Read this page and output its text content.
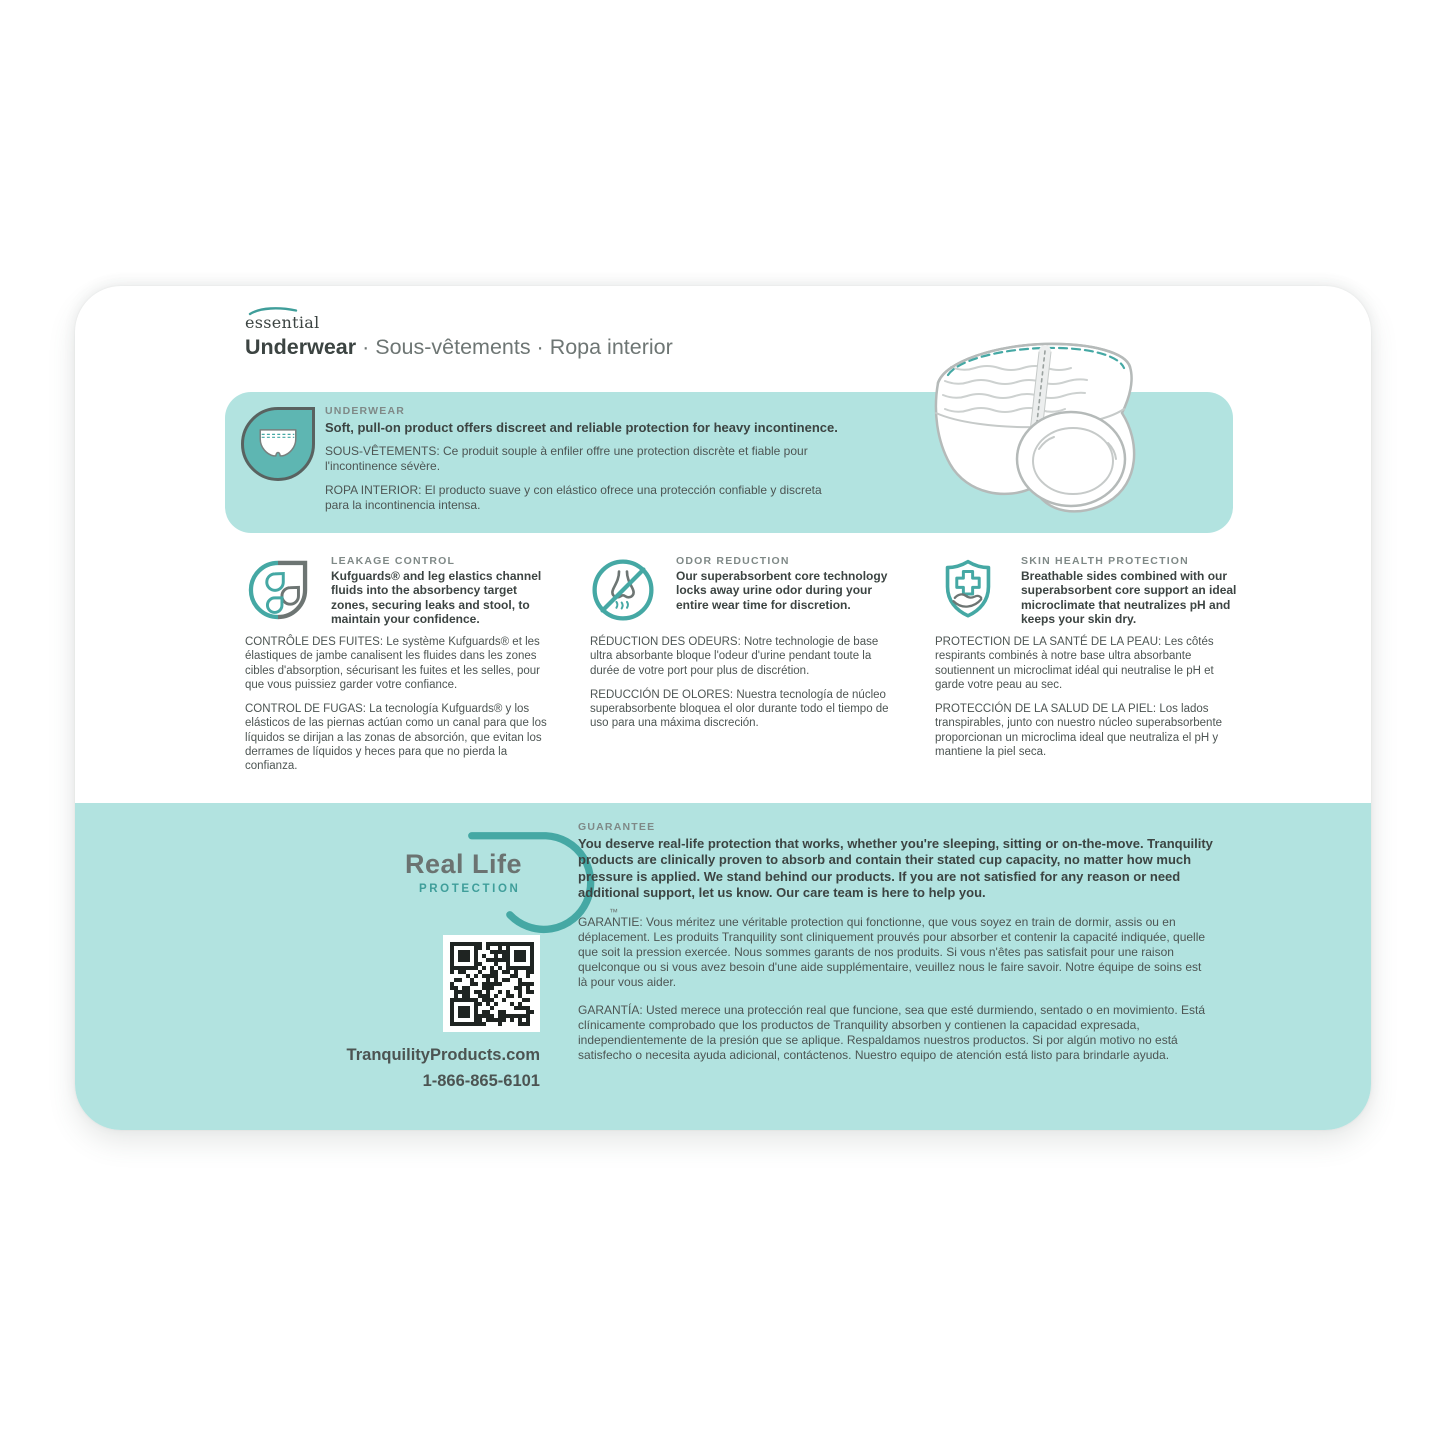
essential
Underwear · Sous-vêtements · Ropa interior
UNDERWEAR
Soft, pull-on product offers discreet and reliable protection for heavy incontinence.
SOUS-VÊTEMENTS: Ce produit souple à enfiler offre une protection discrète et fiable pour l'incontinence sévère.
ROPA INTERIOR: El producto suave y con elástico ofrece una protección confiable y discreta para la incontinencia intensa.
LEAKAGE CONTROL
Kufguards® and leg elastics channel fluids into the absorbency target zones, securing leaks and stool, to maintain your confidence.
CONTRÔLE DES FUITES: Le système Kufguards® et les élastiques de jambe canalisent les fluides dans les zones cibles d'absorption, sécurisant les fuites et les selles, pour que vous puissiez garder votre confiance.
CONTROL DE FUGAS: La tecnología Kufguards® y los elásticos de las piernas actúan como un canal para que los líquidos se dirijan a las zonas de absorción, que evitan los derrames de líquidos y heces para que no pierda la confianza.
ODOR REDUCTION
Our superabsorbent core technology locks away urine odor during your entire wear time for discretion.
RÉDUCTION DES ODEURS: Notre technologie de base ultra absorbante bloque l'odeur d'urine pendant toute la durée de votre port pour plus de discrétion.
REDUCCIÓN DE OLORES: Nuestra tecnología de núcleo superabsorbente bloquea el olor durante todo el tiempo de uso para una máxima discreción.
SKIN HEALTH PROTECTION
Breathable sides combined with our superabsorbent core support an ideal microclimate that neutralizes pH and keeps your skin dry.
PROTECTION DE LA SANTÉ DE LA PEAU: Les côtés respirants combinés à notre base ultra absorbante soutiennent un microclimat idéal qui neutralise le pH et garde votre peau au sec.
PROTECCIÓN DE LA SALUD DE LA PIEL: Los lados transpirables, junto con nuestro núcleo superabsorbente proporcionan un microclima ideal que neutraliza el pH y mantiene la piel seca.
Real Life
PROTECTION
™
TranquilityProducts.com
1-866-865-6101
GUARANTEE
You deserve real-life protection that works, whether you're sleeping, sitting or on-the-move. Tranquility products are clinically proven to absorb and contain their stated cup capacity, no matter how much pressure is applied. We stand behind our products. If you are not satisfied for any reason or need additional support, let us know. Our care team is here to help you.
GARANTIE: Vous méritez une véritable protection qui fonctionne, que vous soyez en train de dormir, assis ou en déplacement. Les produits Tranquility sont cliniquement prouvés pour absorber et contenir la capacité indiquée, quelle que soit la pression exercée. Nous sommes garants de nos produits. Si vous n'êtes pas satisfait pour une raison quelconque ou si vous avez besoin d'une aide supplémentaire, veuillez nous le faire savoir. Notre équipe de soins est là pour vous aider.
GARANTÍA: Usted merece una protección real que funcione, sea que esté durmiendo, sentado o en movimiento. Está clínicamente comprobado que los productos de Tranquility absorben y contienen la capacidad expresada, independientemente de la presión que se aplique. Respaldamos nuestros productos. Si por algún motivo no está satisfecho o necesita ayuda adicional, contáctenos. Nuestro equipo de atención está listo para brindarle ayuda.
